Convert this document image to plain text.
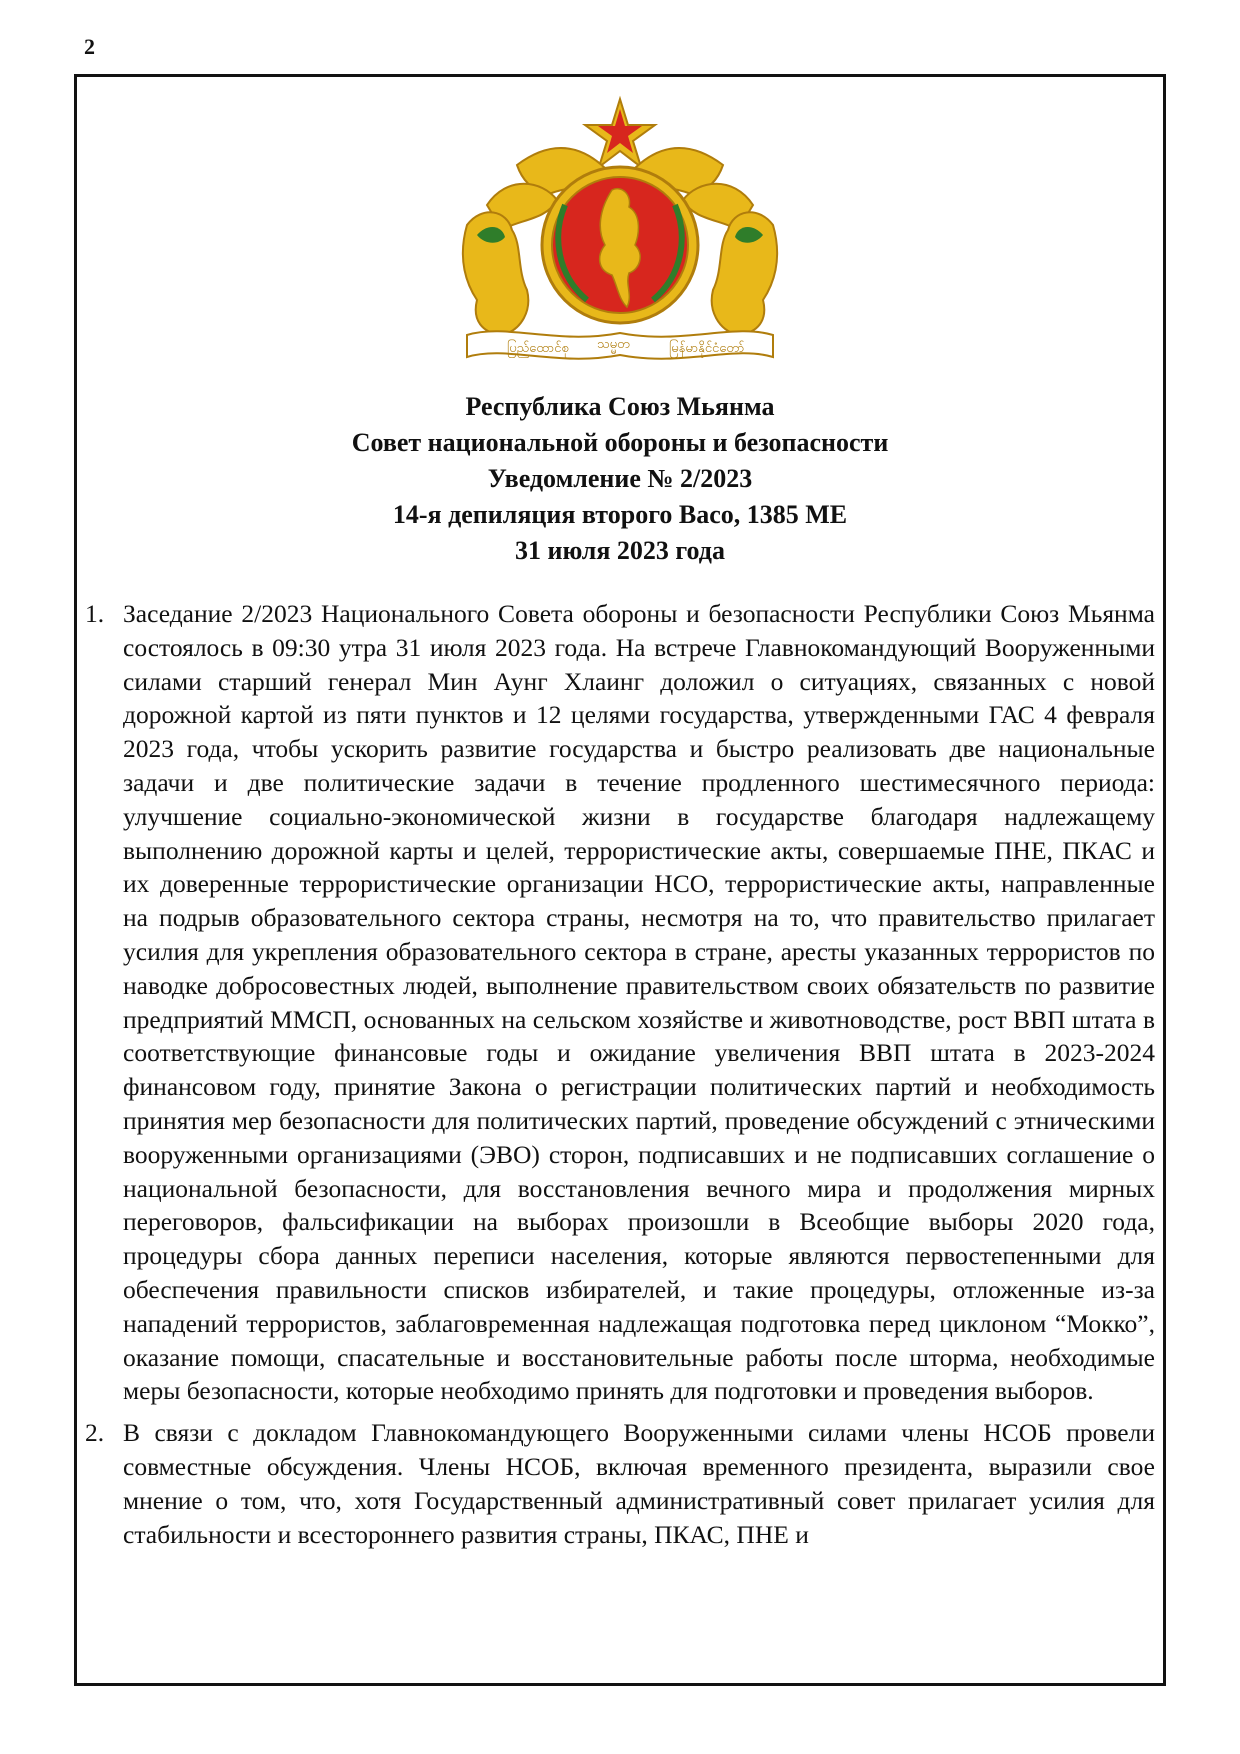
2
ပြည်ထောင်စု သမ္မတ	မြန်မာနိုင်ငံတော်
Республика Союз Мьянма
Совет национальной обороны и безопасности
Уведомление № 2/2023
14-я депиляция второго Васо, 1385 ME
31 июля 2023 года
1. Заседание 2/2023 Национального Совета обороны и безопасности Республики Союз Мьянма состоялось в 09:30 утра 31 июля 2023 года. На встрече Главнокомандующий Вооруженными силами старший генерал Мин Аунг Хлаинг доложил о ситуациях, связанных с новой дорожной картой из пяти пунктов и 12 целями государства, утвержденными ГАС 4 февраля 2023 года, чтобы ускорить развитие государства и быстро реализовать две национальные задачи и две политические задачи в течение продленного шестимесячного периода: улучшение социально-экономической жизни в государстве благодаря надлежащему выполнению дорожной карты и целей, террористические акты, совершаемые ПНЕ, ПКАС и их доверенные террористические организации НСО, террористические акты, направленные на подрыв образовательного сектора страны, несмотря на то, что правительство прилагает усилия для укрепления образовательного сектора в стране, аресты указанных террористов по наводке добросовестных людей, выполнение правительством своих обязательств по развитие предприятий ММСП, основанных на сельском хозяйстве и животноводстве, рост ВВП штата в соответствующие финансовые годы и ожидание увеличения ВВП штата в 2023-2024 финансовом году, принятие Закона о регистрации политических партий и необходимость принятия мер безопасности для политических партий, проведение обсуждений с этническими вооруженными организациями (ЭВО) сторон, подписавших и не подписавших соглашение о национальной безопасности, для восстановления вечного мира и продолжения мирных переговоров, фальсификации на выборах произошли в Всеобщие выборы 2020 года, процедуры сбора данных переписи населения, которые являются первостепенными для обеспечения правильности списков избирателей, и такие процедуры, отложенные из-за нападений террористов, заблаговременная надлежащая подготовка перед циклоном “Мокко”, оказание помощи, спасательные и восстановительные работы после шторма, необходимые меры безопасности, которые необходимо принять для подготовки и проведения выборов.
2. В связи с докладом Главнокомандующего Вооруженными силами члены НСОБ провели совместные обсуждения. Члены НСОБ, включая временного президента, выразили свое мнение о том, что, хотя Государственный административный совет прилагает усилия для стабильности и всестороннего развития страны, ПКАС, ПНЕ и
